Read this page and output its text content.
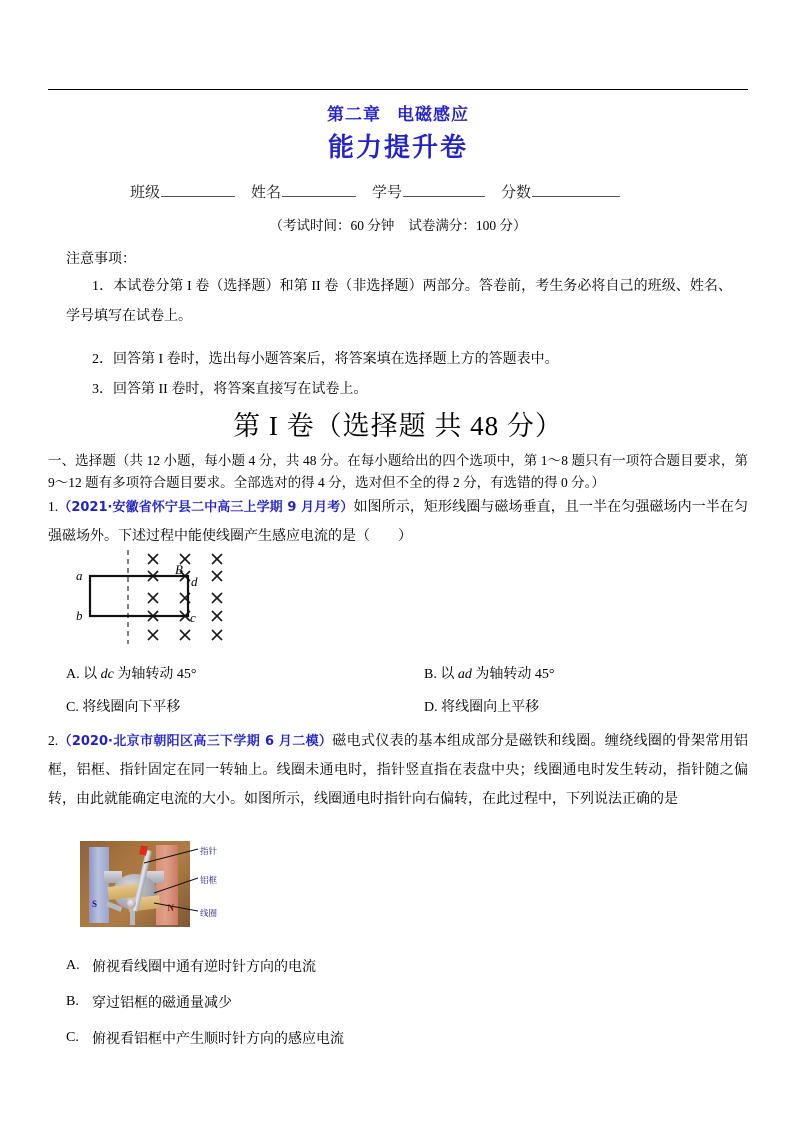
第二章 电磁感应
能力提升卷
班级	姓名	学号	分数
（考试时间：60 分钟 试卷满分：100 分）
注意事项：
1．本试卷分第 I 卷（选择题）和第 II 卷（非选择题）两部分。答卷前，考生务必将自己的班级、姓名、学号填写在试卷上。
2．回答第 I 卷时，选出每小题答案后，将答案填在选择题上方的答题表中。
3．回答第 II 卷时，将答案直接写在试卷上。
第 I 卷（选择题 共 48 分）
一、选择题（共 12 小题，每小题 4 分，共 48 分。在每小题给出的四个选项中，第 1～8 题只有一项符合题目要求，第 9～12 题有多项符合题目要求。全部选对的得 4 分，选对但不全的得 2 分，有选错的得 0 分。）
1.（2021·安徽省怀宁县二中高三上学期 9 月月考）如图所示，矩形线圈与磁场垂直，且一半在匀强磁场内一半在匀强磁场外。下述过程中能使线圈产生感应电流的是（　　）
a
b
B
d
c
A. 以 dc 为轴转动 45°	B. 以 ad 为轴转动 45°
C. 将线圈向下平移	D. 将线圈向上平移
2.（2020·北京市朝阳区高三下学期 6 月二模）磁电式仪表的基本组成部分是磁铁和线圈。缠绕线圈的骨架常用铝框，铝框、指针固定在同一转轴上。线圈未通电时，指针竖直指在表盘中央；线圈通电时发生转动，指针随之偏转，由此就能确定电流的大小。如图所示，线圈通电时指针向右偏转，在此过程中，下列说法正确的是
S	N
指针
铝框
线圈
A. 俯视看线圈中通有逆时针方向的电流
B. 穿过铝框的磁通量减少
C. 俯视看铝框中产生顺时针方向的感应电流
